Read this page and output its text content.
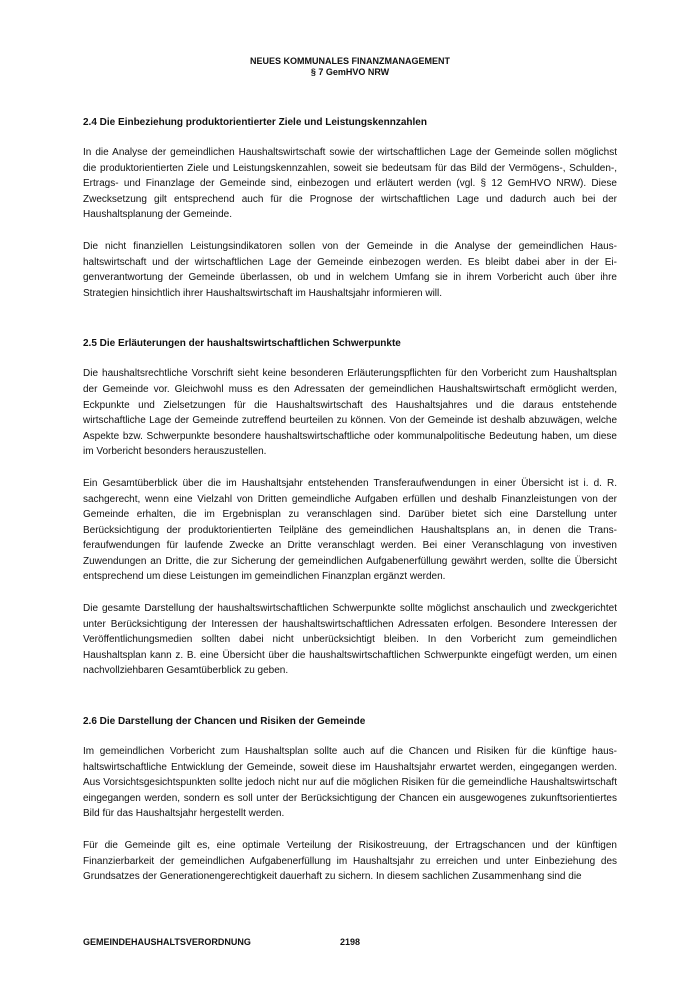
NEUES KOMMUNALES FINANZMANAGEMENT
§ 7 GemHVO NRW
2.4 Die Einbeziehung produktorientierter Ziele und Leistungskennzahlen

In die Analyse der gemeindlichen Haushaltswirtschaft sowie der wirtschaftlichen Lage der Gemeinde sollen möglichst die produktorientierten Ziele und Leistungskennzahlen, soweit sie bedeutsam für das Bild der Vermögens-, Schulden-, Ertrags- und Finanzlage der Gemeinde sind, einbezogen und erläutert werden (vgl. § 12 GemHVO NRW). Diese Zwecksetzung gilt entsprechend auch für die Prognose der wirtschaftlichen Lage und dadurch auch bei der Haushaltsplanung der Gemeinde.

Die nicht finanziellen Leistungsindikatoren sollen von der Gemeinde in die Analyse der gemeindlichen Haushaltswirtschaft und der wirtschaftlichen Lage der Gemeinde einbezogen werden. Es bleibt dabei aber in der Eigenverantwortung der Gemeinde überlassen, ob und in welchem Umfang sie in ihrem Vorbericht auch über ihre Strategien hinsichtlich ihrer Haushaltswirtschaft im Haushaltsjahr informieren will.

2.5 Die Erläuterungen der haushaltswirtschaftlichen Schwerpunkte

Die haushaltsrechtliche Vorschrift sieht keine besonderen Erläuterungspflichten für den Vorbericht zum Haushaltsplan der Gemeinde vor. Gleichwohl muss es den Adressaten der gemeindlichen Haushaltswirtschaft ermöglicht werden, Eckpunkte und Zielsetzungen für die Haushaltswirtschaft des Haushaltsjahres und die daraus entstehende wirtschaftliche Lage der Gemeinde zutreffend beurteilen zu können. Von der Gemeinde ist deshalb abzuwägen, welche Aspekte bzw. Schwerpunkte besondere haushaltswirtschaftliche oder kommunalpolitische Bedeutung haben, um diese im Vorbericht besonders herauszustellen.

Ein Gesamtüberblick über die im Haushaltsjahr entstehenden Transferaufwendungen in einer Übersicht ist i. d. R. sachgerecht, wenn eine Vielzahl von Dritten gemeindliche Aufgaben erfüllen und deshalb Finanzleistungen von der Gemeinde erhalten, die im Ergebnisplan zu veranschlagen sind. Darüber bietet sich eine Darstellung unter Berücksichtigung der produktorientierten Teilpläne des gemeindlichen Haushaltsplans an, in denen die Transferaufwendungen für laufende Zwecke an Dritte veranschlagt werden. Bei einer Veranschlagung von investiven Zuwendungen an Dritte, die zur Sicherung der gemeindlichen Aufgabenerfüllung gewährt werden, sollte die Übersicht entsprechend um diese Leistungen im gemeindlichen Finanzplan ergänzt werden.

Die gesamte Darstellung der haushaltswirtschaftlichen Schwerpunkte sollte möglichst anschaulich und zweckgerichtet unter Berücksichtigung der Interessen der haushaltswirtschaftlichen Adressaten erfolgen. Besondere Interessen der Veröffentlichungsmedien sollten dabei nicht unberücksichtigt bleiben. In den Vorbericht zum gemeindlichen Haushaltsplan kann z. B. eine Übersicht über die haushaltswirtschaftlichen Schwerpunkte eingefügt werden, um einen nachvollziehbaren Gesamtüberblick zu geben.

2.6 Die Darstellung der Chancen und Risiken der Gemeinde

Im gemeindlichen Vorbericht zum Haushaltsplan sollte auch auf die Chancen und Risiken für die künftige haushaltswirtschaftliche Entwicklung der Gemeinde, soweit diese im Haushaltsjahr erwartet werden, eingegangen werden. Aus Vorsichtsgesichtspunkten sollte jedoch nicht nur auf die möglichen Risiken für die gemeindliche Haushaltswirtschaft eingegangen werden, sondern es soll unter der Berücksichtigung der Chancen ein ausgewogenes zukunftsorientiertes Bild für das Haushaltsjahr hergestellt werden.

Für die Gemeinde gilt es, eine optimale Verteilung der Risikostreuung, der Ertragschancen und der künftigen Finanzierbarkeit der gemeindlichen Aufgabenerfüllung im Haushaltsjahr zu erreichen und unter Einbeziehung des Grundsatzes der Generationengerechtigkeit dauerhaft zu sichern. In diesem sachlichen Zusammenhang sind die

GEMEINDEHAUSHALTSVERORDNUNG	2198
